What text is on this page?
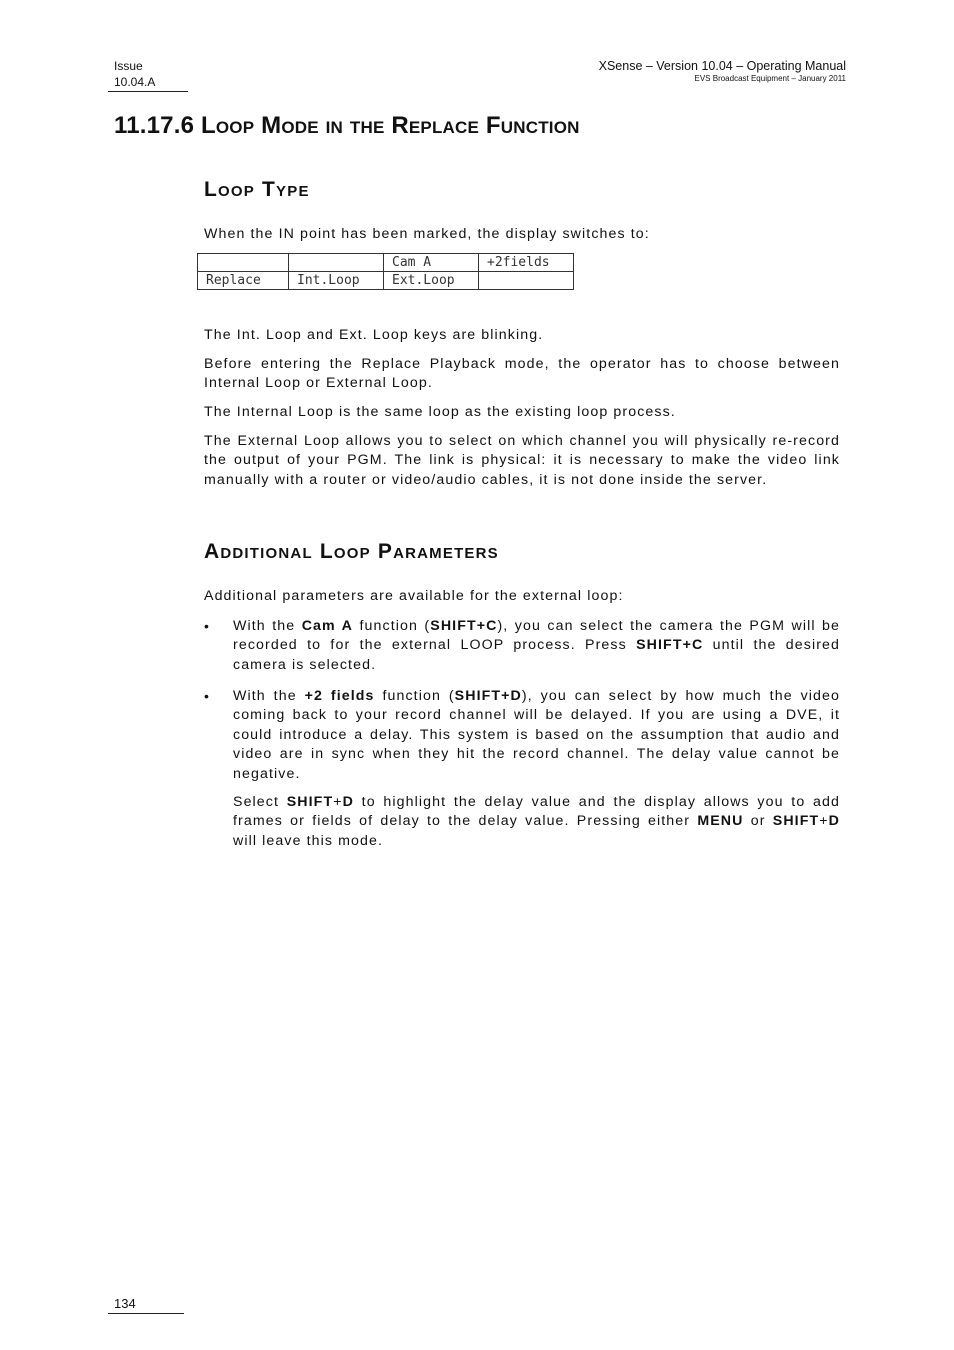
Issue
10.04.A
XSense – Version 10.04 – Operating Manual
EVS Broadcast Equipment – January 2011
11.17.6 Loop Mode in the Replace Function
Loop Type

When the IN point has been marked, the display switches to:

		Cam A	+2fields
Replace	Int.Loop	Ext.Loop	

The Int. Loop and Ext. Loop keys are blinking.

Before entering the Replace Playback mode, the operator has to choose between Internal Loop or External Loop.

The Internal Loop is the same loop as the existing loop process.

The External Loop allows you to select on which channel you will physically re-record the output of your PGM. The link is physical: it is necessary to make the video link manually with a router or video/audio cables, it is not done inside the server.

Additional Loop Parameters

Additional parameters are available for the external loop:

• With the Cam A function (SHIFT+C), you can select the camera the PGM will be recorded to for the external LOOP process. Press SHIFT+C until the desired camera is selected.

• With the +2 fields function (SHIFT+D), you can select by how much the video coming back to your record channel will be delayed. If you are using a DVE, it could introduce a delay. This system is based on the assumption that audio and video are in sync when they hit the record channel. The delay value cannot be negative.

Select SHIFT+D to highlight the delay value and the display allows you to add frames or fields of delay to the delay value. Pressing either MENU or SHIFT+D will leave this mode.

134
